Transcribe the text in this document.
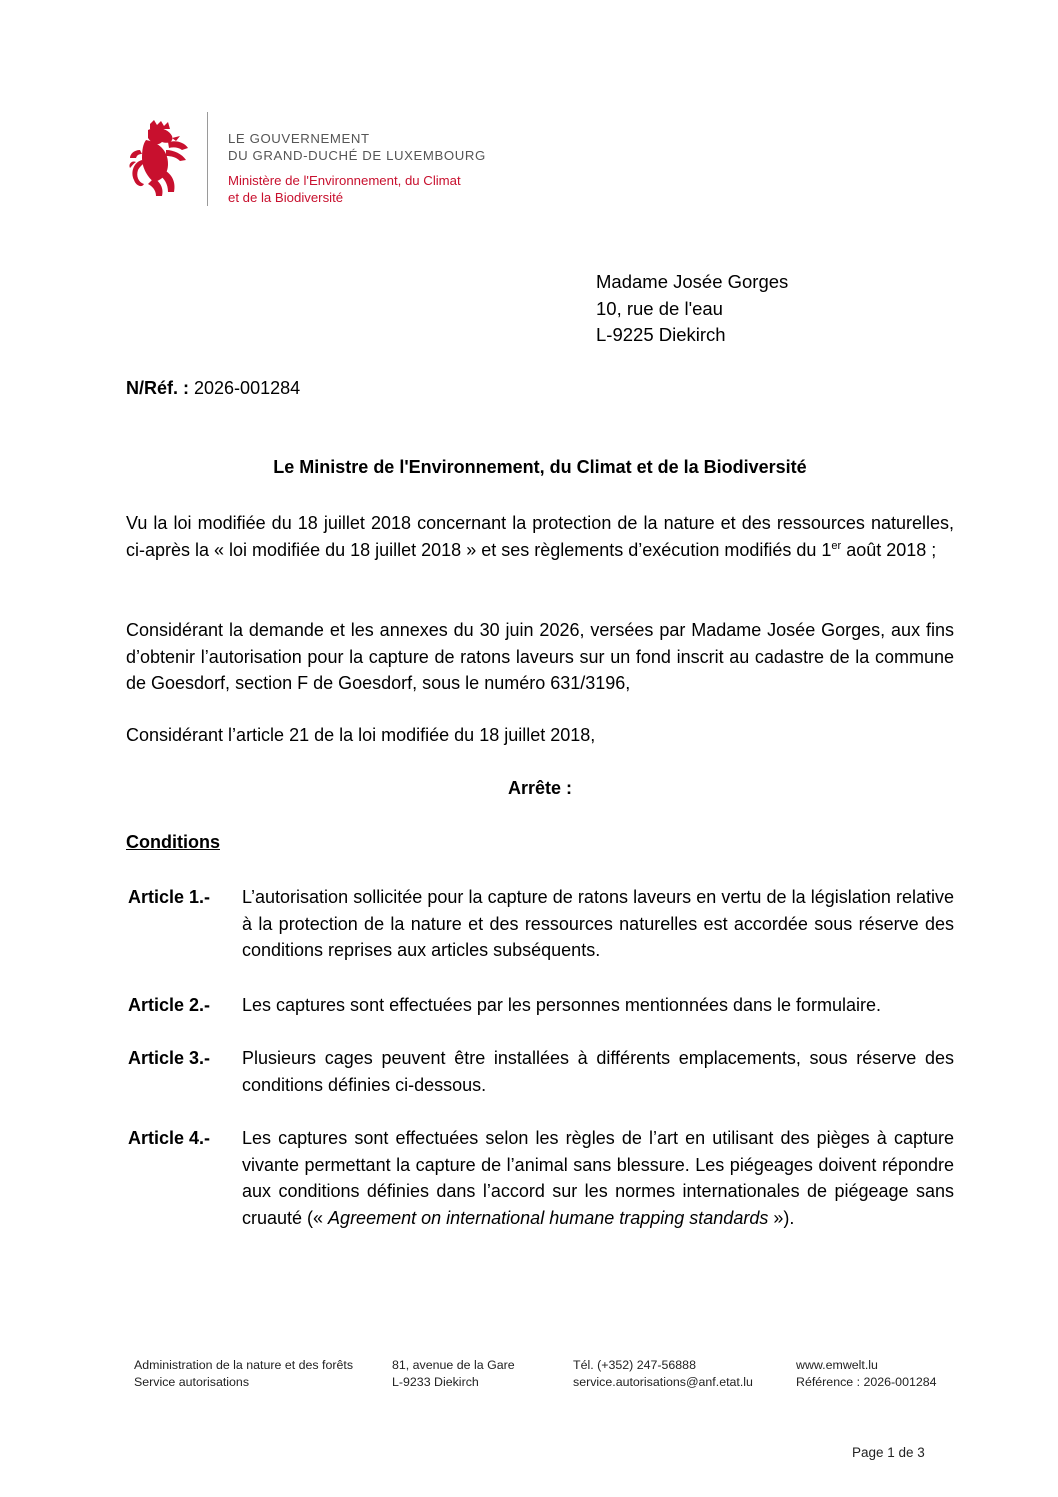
LE GOUVERNEMENT
DU GRAND-DUCHÉ DE LUXEMBOURG
Ministère de l'Environnement, du Climat
et de la Biodiversité
Madame Josée Gorges
10, rue de l'eau
L-9225 Diekirch
N/Réf. : 2026-001284
Le Ministre de l'Environnement, du Climat et de la Biodiversité
Vu la loi modifiée du 18 juillet 2018 concernant la protection de la nature et des ressources naturelles, ci-après la « loi modifiée du 18 juillet 2018 » et ses règlements d’exécution modifiés du 1er août 2018 ;
Considérant la demande et les annexes du 30 juin 2026, versées par Madame Josée Gorges, aux fins d’obtenir l’autorisation pour la capture de ratons laveurs sur un fond inscrit au cadastre de la commune de Goesdorf, section F de Goesdorf, sous le numéro 631/3196,
Considérant l’article 21 de la loi modifiée du 18 juillet 2018,
Arrête :
Conditions
Article 1.- L’autorisation sollicitée pour la capture de ratons laveurs en vertu de la législation relative à la protection de la nature et des ressources naturelles est accordée sous réserve des conditions reprises aux articles subséquents.
Article 2.- Les captures sont effectuées par les personnes mentionnées dans le formulaire.
Article 3.- Plusieurs cages peuvent être installées à différents emplacements, sous réserve des conditions définies ci-dessous.
Article 4.- Les captures sont effectuées selon les règles de l’art en utilisant des pièges à capture vivante permettant la capture de l’animal sans blessure. Les piégeages doivent répondre aux conditions définies dans l’accord sur les normes internationales de piégeage sans cruauté (« Agreement on international humane trapping standards »).
Administration de la nature et des forêts
Service autorisations
81, avenue de la Gare
L-9233 Diekirch
Tél. (+352) 247-56888
service.autorisations@anf.etat.lu
www.emwelt.lu
Référence : 2026-001284
Page 1 de 3
